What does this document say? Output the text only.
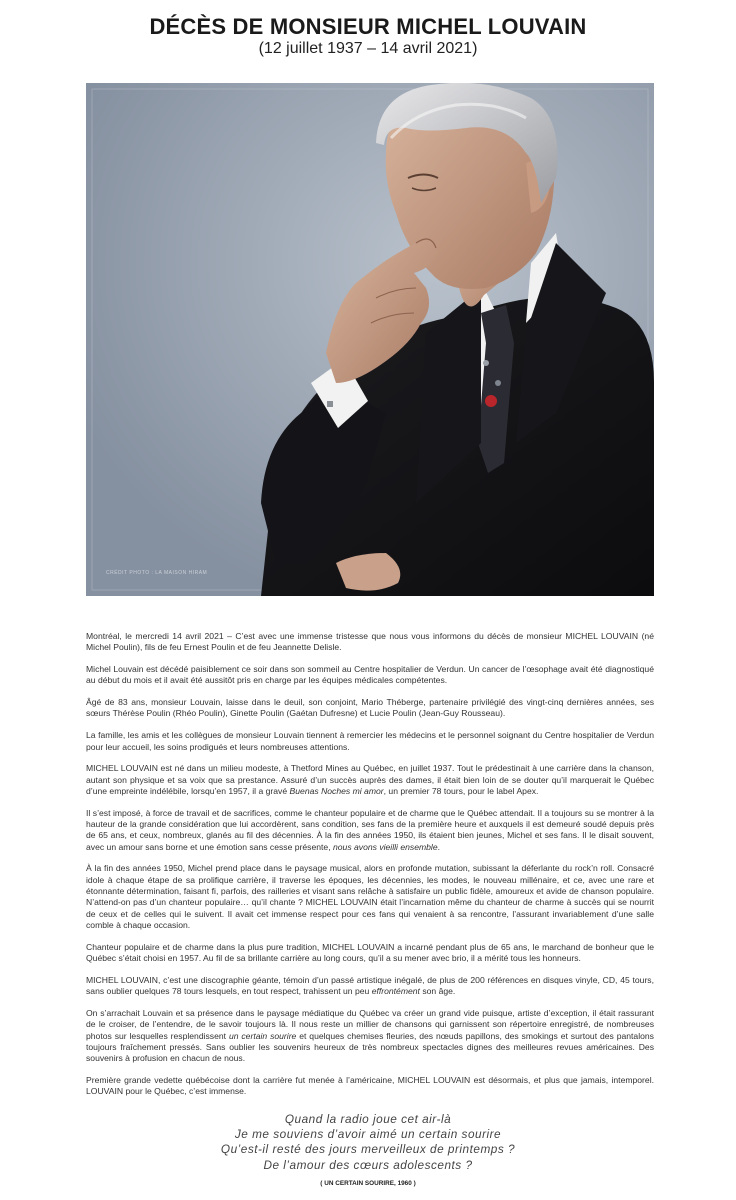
DÉCÈS DE MONSIEUR MICHEL LOUVAIN
(12 juillet 1937 – 14 avril 2021)
CRÉDIT PHOTO : LA MAISON HIRAM

Montréal, le mercredi 14 avril 2021 – C’est avec une immense tristesse que nous vous informons du décès de monsieur MICHEL LOUVAIN (né Michel Poulin), fils de feu Ernest Poulin et de feu Jeannette Delisle.

Michel Louvain est décédé paisiblement ce soir dans son sommeil au Centre hospitalier de Verdun. Un cancer de l’œsophage avait été diagnostiqué au début du mois et il avait été aussitôt pris en charge par les équipes médicales compétentes.

Âgé de 83 ans, monsieur Louvain, laisse dans le deuil, son conjoint, Mario Théberge, partenaire privilégié des vingt-cinq dernières années, ses sœurs Thérèse Poulin (Rhéo Poulin), Ginette Poulin (Gaétan Dufresne) et Lucie Poulin (Jean-Guy Rousseau).

La famille, les amis et les collègues de monsieur Louvain tiennent à remercier les médecins et le personnel soignant du Centre hospitalier de Verdun pour leur accueil, les soins prodigués et leurs nombreuses attentions.

MICHEL LOUVAIN est né dans un milieu modeste, à Thetford Mines au Québec, en juillet 1937. Tout le prédestinait à une carrière dans la chanson, autant son physique et sa voix que sa prestance. Assuré d’un succès auprès des dames, il était bien loin de se douter qu’il marquerait le Québec d’une empreinte indélébile, lorsqu’en 1957, il a gravé Buenas Noches mi amor, un premier 78 tours, pour le label Apex.

Il s’est imposé, à force de travail et de sacrifices, comme le chanteur populaire et de charme que le Québec attendait. Il a toujours su se montrer à la hauteur de la grande considération que lui accordèrent, sans condition, ses fans de la première heure et auxquels il est demeuré soudé depuis près de 65 ans, et ceux, nombreux, glanés au fil des décennies. À la fin des années 1950, ils étaient bien jeunes, Michel et ses fans. Il le disait souvent, avec un amour sans borne et une émotion sans cesse présente, nous avons vieilli ensemble.

À la fin des années 1950, Michel prend place dans le paysage musical, alors en profonde mutation, subissant la déferlante du rock’n roll. Consacré idole à chaque étape de sa prolifique carrière, il traverse les époques, les décennies, les modes, le nouveau millénaire, et ce, avec une rare et étonnante détermination, faisant fi, parfois, des railleries et visant sans relâche à satisfaire un public fidèle, amoureux et avide de chanson populaire. N’attend-on pas d’un chanteur populaire… qu’il chante ? MICHEL LOUVAIN était l’incarnation même du chanteur de charme à succès qui se nourrit de ceux et de celles qui le suivent. Il avait cet immense respect pour ces fans qui venaient à sa rencontre, l’assurant invariablement d’une salle comble à chaque occasion.

Chanteur populaire et de charme dans la plus pure tradition, MICHEL LOUVAIN a incarné pendant plus de 65 ans, le marchand de bonheur que le Québec s’était choisi en 1957. Au fil de sa brillante carrière au long cours, qu’il a su mener avec brio, il a mérité tous les honneurs.

MICHEL LOUVAIN, c’est une discographie géante, témoin d’un passé artistique inégalé, de plus de 200 références en disques vinyle, CD, 45 tours, sans oublier quelques 78 tours lesquels, en tout respect, trahissent un peu effrontément son âge.

On s’arrachait Louvain et sa présence dans le paysage médiatique du Québec va créer un grand vide puisque, artiste d’exception, il était rassurant de le croiser, de l’entendre, de le savoir toujours là. Il nous reste un millier de chansons qui garnissent son répertoire enregistré, de nombreuses photos sur lesquelles resplendissent un certain sourire et quelques chemises fleuries, des nœuds papillons, des smokings et surtout des pantalons toujours fraîchement pressés. Sans oublier les souvenirs heureux de très nombreux spectacles dignes des meilleures revues américaines. Des souvenirs à profusion en chacun de nous.

Première grande vedette québécoise dont la carrière fut menée à l’américaine, MICHEL LOUVAIN est désormais, et plus que jamais, intemporel. LOUVAIN pour le Québec, c’est immense.

Quand la radio joue cet air-là
Je me souviens d’avoir aimé un certain sourire
Qu’est-il resté des jours merveilleux de printemps ?
De l’amour des cœurs adolescents ?
( UN CERTAIN SOURIRE, 1960 )
